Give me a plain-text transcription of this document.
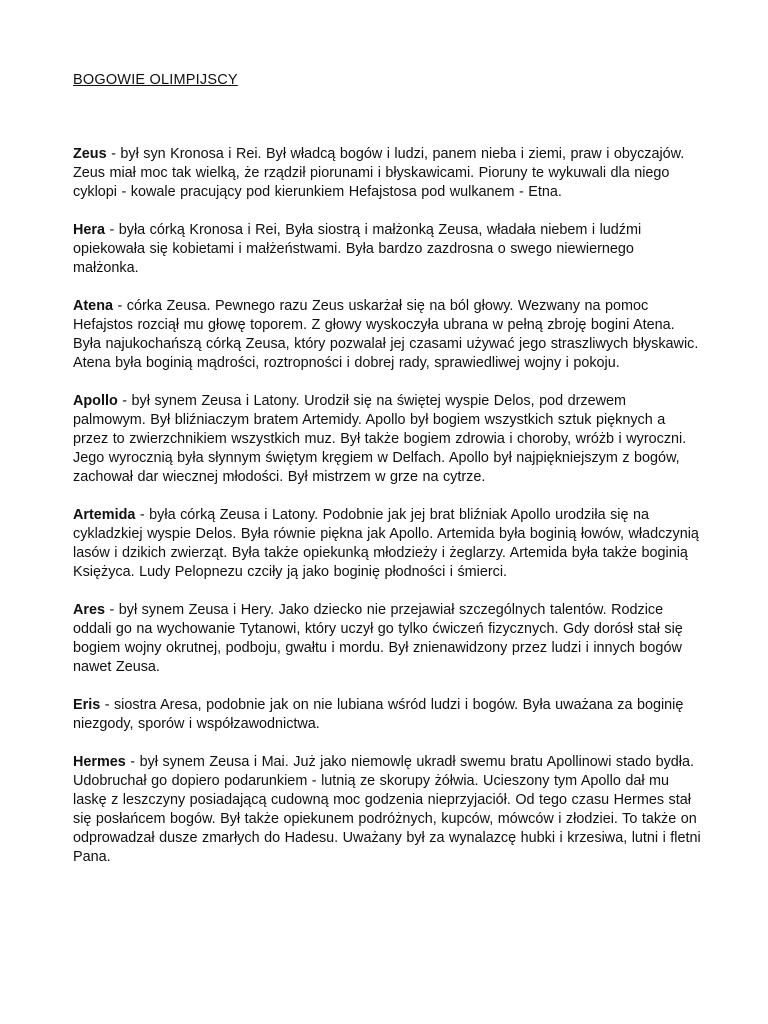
BOGOWIE OLIMPIJSCY

Zeus - był syn Kronosa i Rei. Był władcą bogów i ludzi, panem nieba i ziemi, praw i obyczajów. Zeus miał moc tak wielką, że rządził piorunami i błyskawicami. Pioruny te wykuwali dla niego cyklopi - kowale pracujący pod kierunkiem Hefajstosa pod wulkanem - Etna.

Hera - była córką Kronosa i Rei, Była siostrą i małżonką Zeusa, władała niebem i ludźmi opiekowała się kobietami i małżeństwami. Była bardzo zazdrosna o swego niewiernego małżonka.

Atena - córka Zeusa. Pewnego razu Zeus uskarżał się na ból głowy. Wezwany na pomoc Hefajstos rozciął mu głowę toporem. Z głowy wyskoczyła ubrana w pełną zbroję bogini Atena. Była najukochańszą córką Zeusa, który pozwalał jej czasami używać jego straszliwych błyskawic. Atena była boginią mądrości, roztropności i dobrej rady, sprawiedliwej wojny i pokoju.

Apollo - był synem Zeusa i Latony. Urodził się na świętej wyspie Delos, pod drzewem palmowym. Był bliźniaczym bratem Artemidy. Apollo był bogiem wszystkich sztuk pięknych a przez to zwierzchnikiem wszystkich muz. Był także bogiem zdrowia i choroby, wróżb i wyroczni. Jego wyrocznią była słynnym świętym kręgiem w Delfach. Apollo był najpiękniejszym z bogów, zachował dar wiecznej młodości. Był mistrzem w grze na cytrze.

Artemida - była córką Zeusa i Latony. Podobnie jak jej brat bliźniak Apollo urodziła się na cykladzkiej wyspie Delos. Była równie piękna jak Apollo. Artemida była boginią łowów, władczynią lasów i dzikich zwierząt. Była także opiekunką młodzieży i żeglarzy. Artemida była także boginią Księżyca. Ludy Pelopnezu czciły ją jako boginię płodności i śmierci.

Ares - był synem Zeusa i Hery. Jako dziecko nie przejawiał szczególnych talentów. Rodzice oddali go na wychowanie Tytanowi, który uczył go tylko ćwiczeń fizycznych. Gdy dorósł stał się bogiem wojny okrutnej, podboju, gwałtu i mordu. Był znienawidzony przez ludzi i innych bogów nawet Zeusa.

Eris - siostra Aresa, podobnie jak on nie lubiana wśród ludzi i bogów. Była uważana za boginię niezgody, sporów i współzawodnictwa.

Hermes - był synem Zeusa i Mai. Już jako niemowlę ukradł swemu bratu Apollinowi stado bydła. Udobruchał go dopiero podarunkiem - lutnią ze skorupy żółwia. Ucieszony tym Apollo dał mu laskę z leszczyny posiadającą cudowną moc godzenia nieprzyjaciół. Od tego czasu Hermes stał się posłańcem bogów. Był także opiekunem podróżnych, kupców, mówców i złodziei. To także on odprowadzał dusze zmarłych do Hadesu. Uważany był za wynalazcę hubki i krzesiwa, lutni i fletni Pana.
